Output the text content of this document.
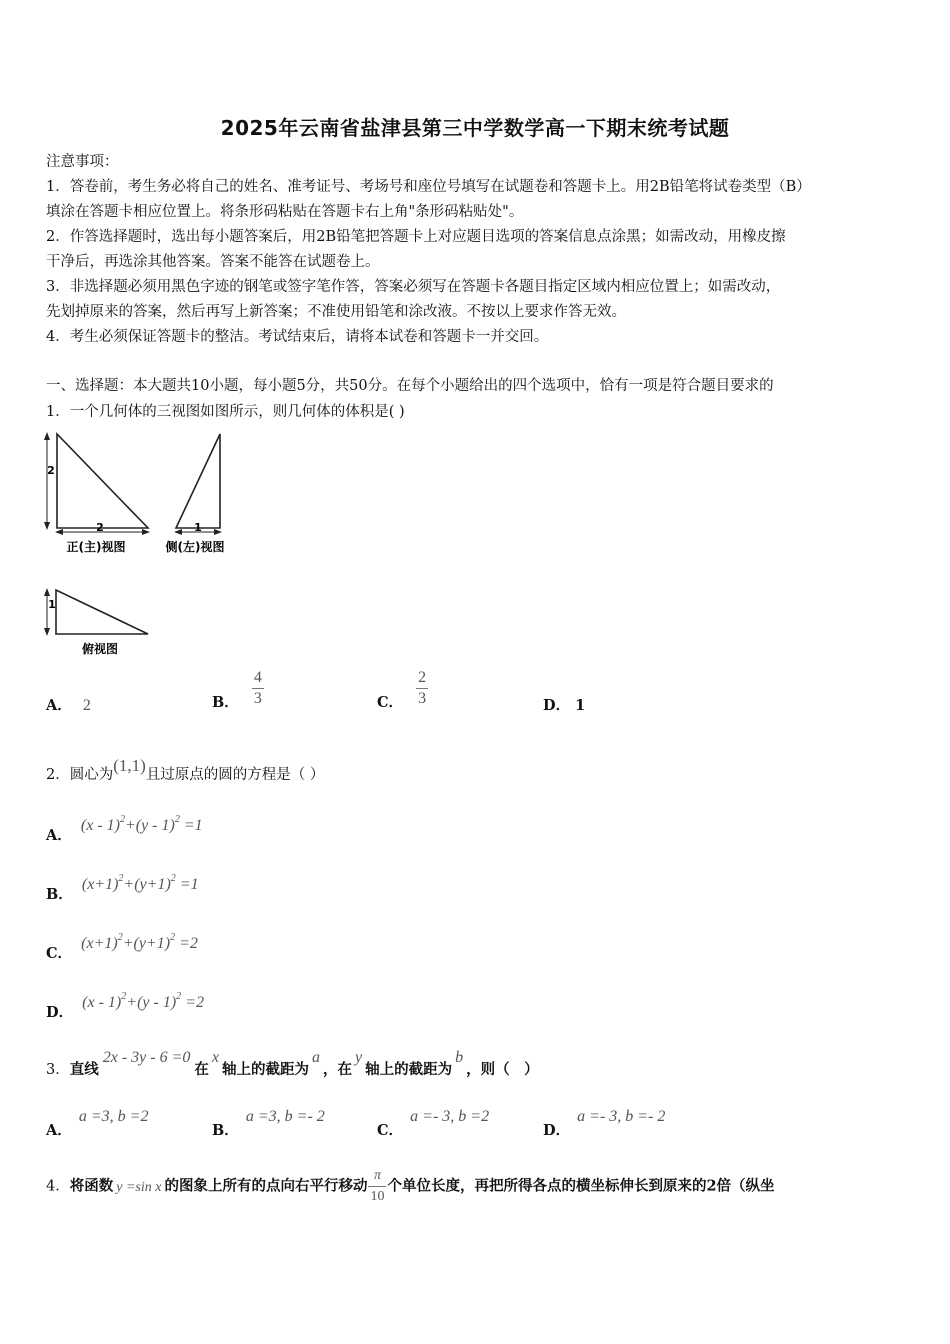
2025年云南省盐津县第三中学数学高一下期末统考试题
注意事项：
1．答卷前，考生务必将自己的姓名、准考证号、考场号和座位号填写在试题卷和答题卡上。用2B铅笔将试卷类型（B）
填涂在答题卡相应位置上。将条形码粘贴在答题卡右上角"条形码粘贴处"。
2．作答选择题时，选出每小题答案后，用2B铅笔把答题卡上对应题目选项的答案信息点涂黑；如需改动，用橡皮擦
干净后，再选涂其他答案。答案不能答在试题卷上。
3．非选择题必须用黑色字迹的钢笔或签字笔作答，答案必须写在答题卡各题目指定区域内相应位置上；如需改动，
先划掉原来的答案，然后再写上新答案；不准使用铅笔和涂改液。不按以上要求作答无效。
4．考生必须保证答题卡的整洁。考试结束后，请将本试卷和答题卡一并交回。
一、选择题：本大题共10小题，每小题5分，共50分。在每个小题给出的四个选项中，恰有一项是符合题目要求的
1．一个几何体的三视图如图所示，则几何体的体积是( )
2
2
正(主)视图
1
侧(左)视图
1
俯视图
A． 2	B． $\frac{4}{3}$	C． $\frac{2}{3}$	D． 1
2．圆心为(1,1)且过原点的圆的方程是（ ）
A． (x - 1)$^2$+(y - 1)$^2$ =1
B． $(x+1)^2+(y+1)^2 =1$
C． $(x+1)^2+(y+1)^2 =2$
D． (x - 1)$^2$+(y - 1)$^2$ =2
3．直线2x - 3y - 6 =0在x轴上的截距为a，在y轴上的截距为b，则（　）
A． a =3, b =2
B． a =3, b =- 2
C． a =- 3, b =2
D． a =- 3, b =- 2
4．将函数 y =sin x 的图象上所有的点向右平行移动 $\frac{\pi}{10}$ 个单位长度，再把所得各点的横坐标伸长到原来的2倍（纵坐
